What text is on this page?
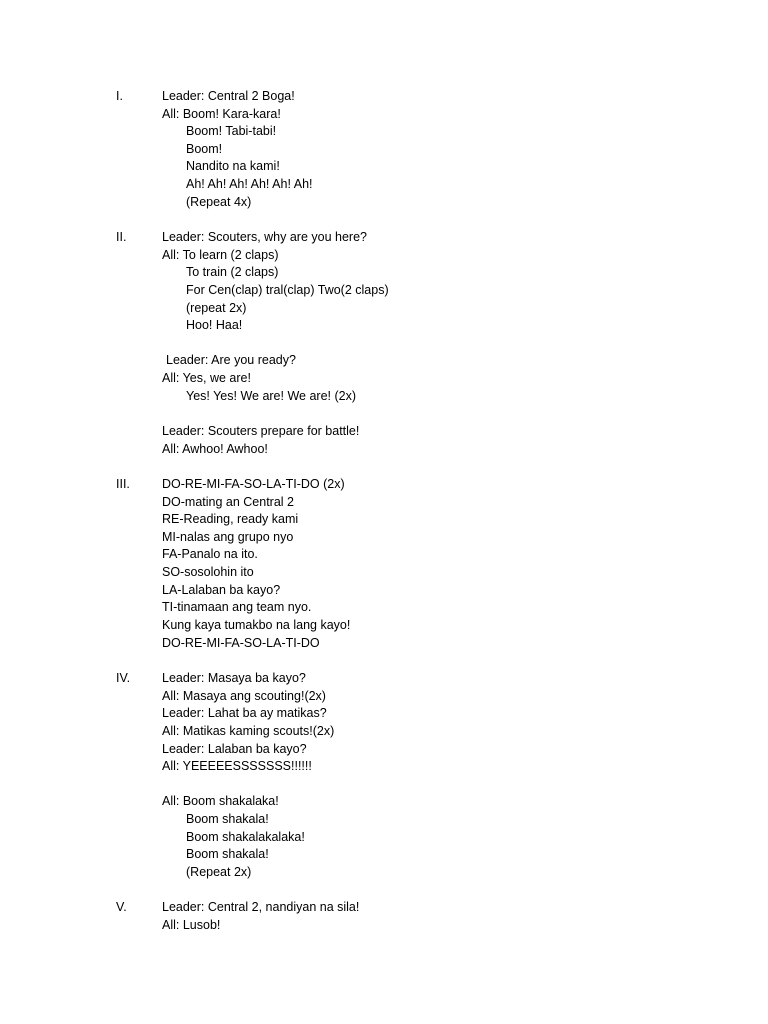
I.	Leader: Central 2 Boga!
All: Boom! Kara-kara!
Boom! Tabi-tabi!
Boom!
Nandito na kami!
Ah! Ah! Ah! Ah! Ah! Ah!
(Repeat 4x)
II.	Leader: Scouters, why are you here?
All: To learn (2 claps)
To train (2 claps)
For Cen(clap) tral(clap) Two(2 claps)
(repeat 2x)
Hoo! Haa!
Leader: Are you ready?
All: Yes, we are!
Yes! Yes! We are! We are! (2x)
Leader: Scouters prepare for battle!
All: Awhoo! Awhoo!
III.	DO-RE-MI-FA-SO-LA-TI-DO (2x)
DO-mating an Central 2
RE-Reading, ready kami
MI-nalas ang grupo nyo
FA-Panalo na ito.
SO-sosolohin ito
LA-Lalaban ba kayo?
TI-tinamaan ang team nyo.
Kung kaya tumakbo na lang kayo!
DO-RE-MI-FA-SO-LA-TI-DO
IV.	Leader: Masaya ba kayo?
All: Masaya ang scouting!(2x)
Leader: Lahat ba ay matikas?
All: Matikas kaming scouts!(2x)
Leader: Lalaban ba kayo?
All: YEEEEESSSSSSS!!!!!!
All: Boom shakalaka!
Boom shakala!
Boom shakalakalaka!
Boom shakala!
(Repeat 2x)
V.	Leader: Central 2, nandiyan na sila!
All: Lusob!
